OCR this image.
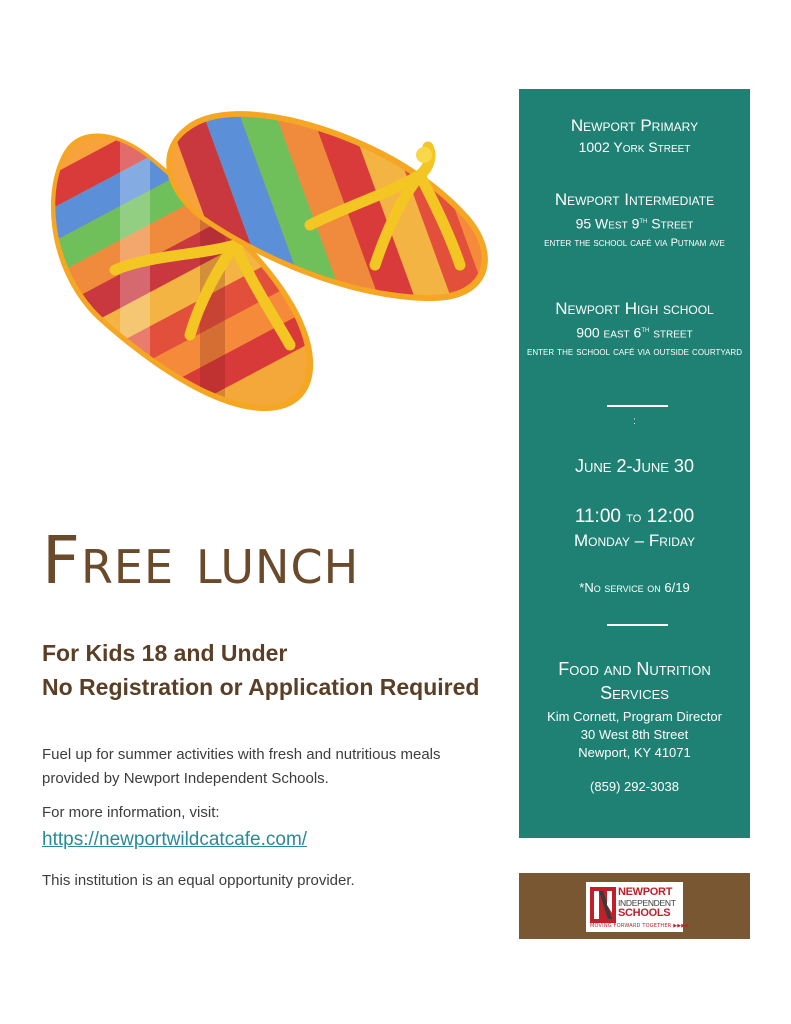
Free lunch
For Kids 18 and Under
No Registration or Application Required
Fuel up for summer activities with fresh and nutritious meals provided by Newport Independent Schools.
For more information, visit:
https://newportwildcatcafe.com/
This institution is an equal opportunity provider.
Newport Primary
1002 York Street
Newport Intermediate
95 West 9th Street
enter the school café via Putnam ave
Newport High school
900 east 6th street
enter the school café via outside courtyard
:
June 2-June 30
11:00 to 12:00
Monday – Friday
*No service on 6/19
Food and Nutrition
Services
Kim Cornett, Program Director
30 West 8th Street
Newport, KY 41071
(859) 292-3038
NEWPORT
INDEPENDENT
SCHOOLS
MOVING FORWARD TOGETHER ▶▶▶▶
